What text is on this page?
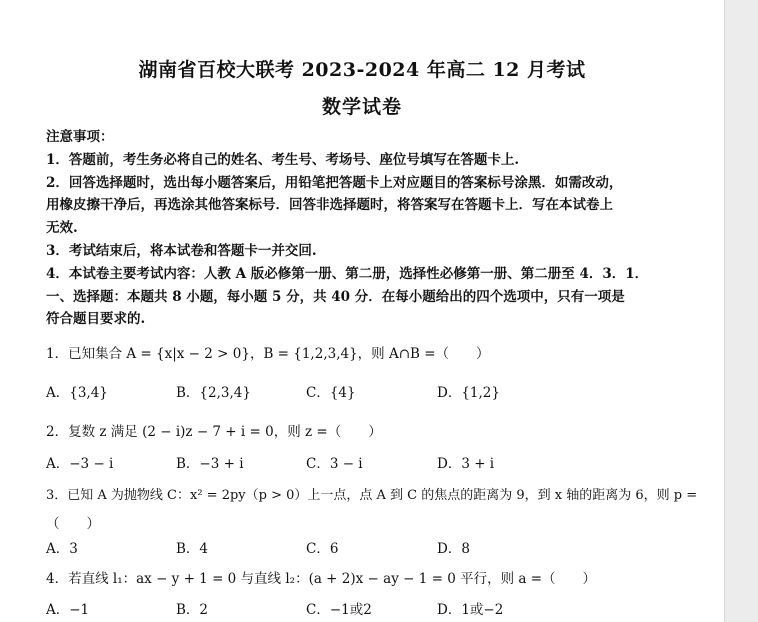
湖南省百校大联考 2023-2024 年高二 12 月考试
数学试卷
注意事项：
1．答题前，考生务必将自己的姓名、考生号、考场号、座位号填写在答题卡上.
2．回答选择题时，选出每小题答案后，用铅笔把答题卡上对应题目的答案标号涂黑．如需改动，
用橡皮擦干净后，再选涂其他答案标号．回答非选择题时，将答案写在答题卡上．写在本试卷上
无效.
3．考试结束后，将本试卷和答题卡一并交回.
4．本试卷主要考试内容：人教 A 版必修第一册、第二册，选择性必修第一册、第二册至 4．3．1．
一、选择题：本题共 8 小题，每小题 5 分，共 40 分．在每小题给出的四个选项中，只有一项是
符合题目要求的.
1．已知集合 A = {x|x − 2 > 0}，B = {1,2,3,4}，则 A∩B =（　　）
A．{3,4}	B．{2,3,4}	C．{4}	D．{1,2}
2．复数 z 满足 (2 − i)z − 7 + i = 0，则 z =（　　）
A．−3 − i	B．−3 + i	C．3 − i	D．3 + i
3．已知 A 为抛物线 C：x² = 2py（p > 0）上一点，点 A 到 C 的焦点的距离为 9，到 x 轴的距离为 6，则 p =
（　　）
A．3	B．4	C．6	D．8
4．若直线 l₁：ax − y + 1 = 0 与直线 l₂：(a + 2)x − ay − 1 = 0 平行，则 a =（　　）
A．−1	B．2	C．−1或2	D．1或−2
